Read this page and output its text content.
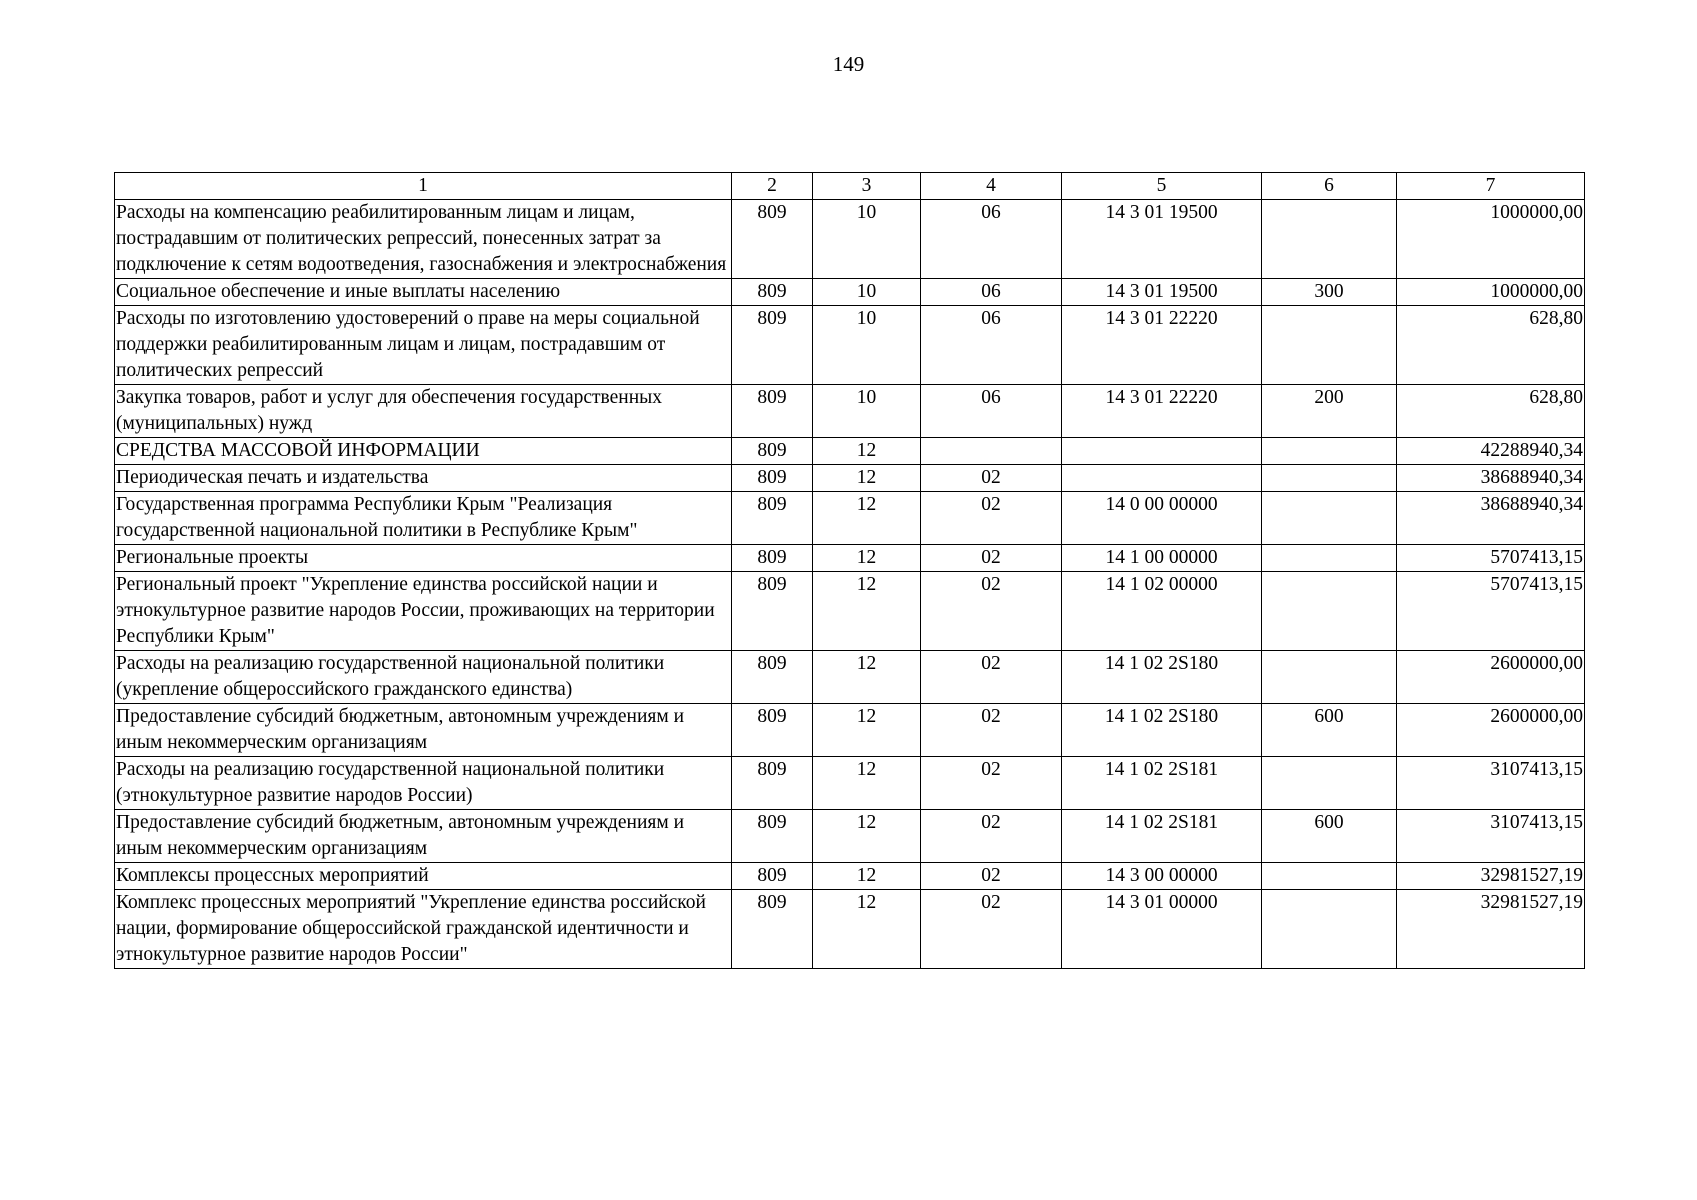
149
1	2	3	4	5	6	7
Расходы на компенсацию реабилитированным лицам и лицам, пострадавшим от политических репрессий, понесенных затрат за подключение к сетям водоотведения, газоснабжения и электроснабжения	809	10	06	14 3 01 19500		1000000,00
Социальное обеспечение и иные выплаты населению	809	10	06	14 3 01 19500	300	1000000,00
Расходы по изготовлению удостоверений о праве на меры социальной поддержки реабилитированным лицам и лицам, пострадавшим от политических репрессий	809	10	06	14 3 01 22220		628,80
Закупка товаров, работ и услуг для обеспечения государственных (муниципальных) нужд	809	10	06	14 3 01 22220	200	628,80
СРЕДСТВА МАССОВОЙ ИНФОРМАЦИИ	809	12				42288940,34
Периодическая печать и издательства	809	12	02			38688940,34
Государственная программа Республики Крым "Реализация государственной национальной политики в Республике Крым"	809	12	02	14 0 00 00000		38688940,34
Региональные проекты	809	12	02	14 1 00 00000		5707413,15
Региональный проект "Укрепление единства российской нации и этнокультурное развитие народов России, проживающих на территории Республики Крым"	809	12	02	14 1 02 00000		5707413,15
Расходы на реализацию государственной национальной политики (укрепление общероссийского гражданского единства)	809	12	02	14 1 02 2S180		2600000,00
Предоставление субсидий бюджетным, автономным учреждениям и иным некоммерческим организациям	809	12	02	14 1 02 2S180	600	2600000,00
Расходы на реализацию государственной национальной политики (этнокультурное развитие народов России)	809	12	02	14 1 02 2S181		3107413,15
Предоставление субсидий бюджетным, автономным учреждениям и иным некоммерческим организациям	809	12	02	14 1 02 2S181	600	3107413,15
Комплексы процессных мероприятий	809	12	02	14 3 00 00000		32981527,19
Комплекс процессных мероприятий "Укрепление единства российской нации, формирование общероссийской гражданской идентичности и этнокультурное развитие народов России"	809	12	02	14 3 01 00000		32981527,19
